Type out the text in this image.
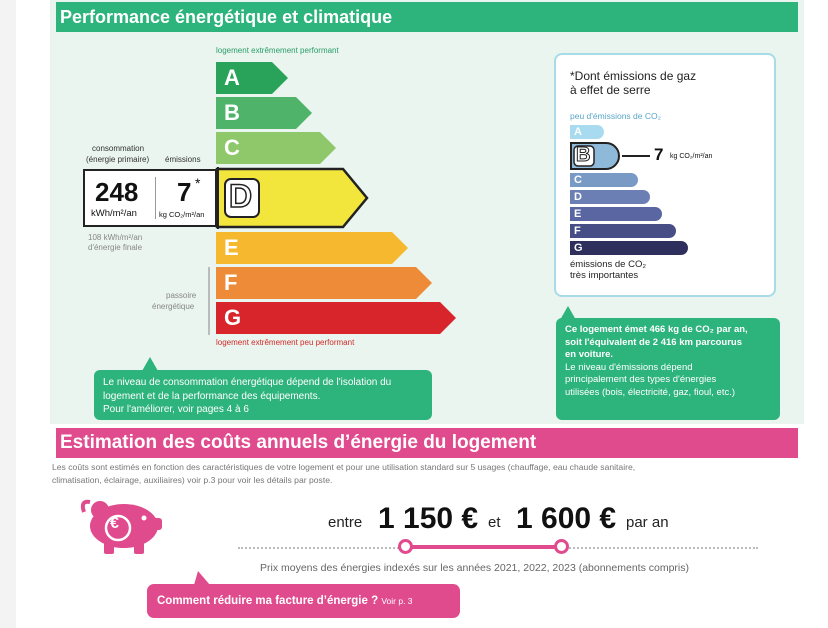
Performance énergétique et climatique
logement extrêmement performant
logement extrêmement peu performant
A
B
C
D
E
F
G
passoire
énergétique
consommation
(énergie primaire) émissions
248
kWh/m²/an
7 *
kg CO₂/m²/an
108 kWh/m²/an
d'énergie finale
Le niveau de consommation énergétique dépend de l'isolation du
logement et de la performance des équipements.
Pour l'améliorer, voir pages 4 à 6
*Dont émissions de gaz
à effet de serre
peu d'émissions de CO₂
A
B	7 kg CO₂/m²/an
C
D
E
F
G
émissions de CO₂
très importantes
Ce logement émet 466 kg de CO₂ par an,
soit l'équivalent de 2 416 km parcourus
en voiture.
Le niveau d'émissions dépend
principalement des types d'énergies
utilisées (bois, électricité, gaz, fioul, etc.)
Estimation des coûts annuels d’énergie du logement
Les coûts sont estimés en fonction des caractéristiques de votre logement et pour une utilisation standard sur 5 usages (chauffage, eau chaude sanitaire,
climatisation, éclairage, auxiliaires) voir p.3 pour voir les détails par poste.
€	entre 1 150 € et 1 600 € par an
Prix moyens des énergies indexés sur les années 2021, 2022, 2023 (abonnements compris)
Comment réduire ma facture d’énergie ? Voir p. 3
